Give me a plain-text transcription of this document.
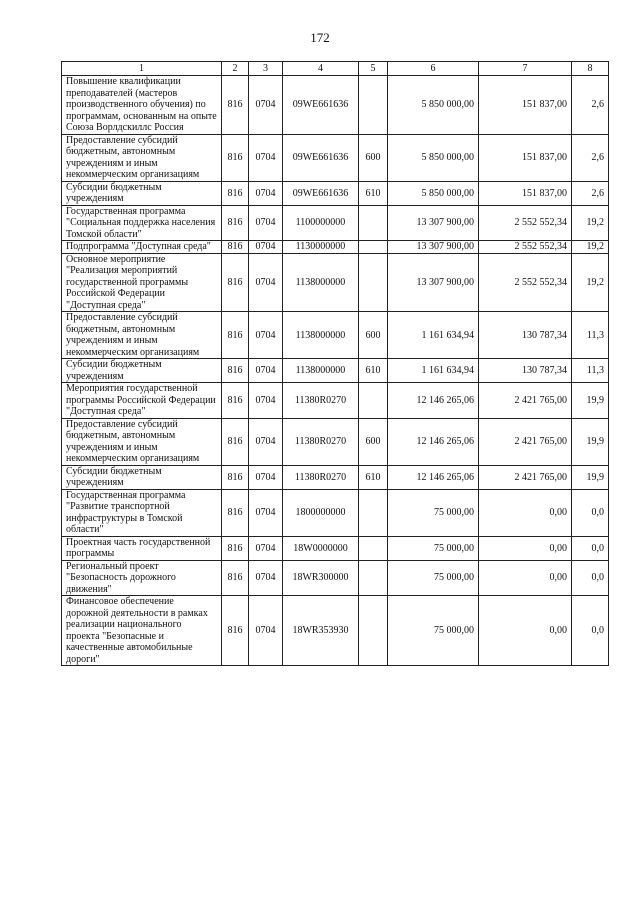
172
1	2	3	4	5	6	7	8
Повышение квалификации преподавателей (мастеров производственного обучения) по программам, основанным на опыте Союза Ворлдскиллс Россия	816	0704	09WE661636		5 850 000,00	151 837,00	2,6
Предоставление субсидий бюджетным, автономным учреждениям и иным некоммерческим организациям	816	0704	09WE661636	600	5 850 000,00	151 837,00	2,6
Субсидии бюджетным учреждениям	816	0704	09WE661636	610	5 850 000,00	151 837,00	2,6
Государственная программа "Социальная поддержка населения Томской области"	816	0704	1100000000		13 307 900,00	2 552 552,34	19,2
Подпрограмма "Доступная среда"	816	0704	1130000000		13 307 900,00	2 552 552,34	19,2
Основное мероприятие "Реализация мероприятий государственной программы Российской Федерации "Доступная среда"	816	0704	1138000000		13 307 900,00	2 552 552,34	19,2
Предоставление субсидий бюджетным, автономным учреждениям и иным некоммерческим организациям	816	0704	1138000000	600	1 161 634,94	130 787,34	11,3
Субсидии бюджетным учреждениям	816	0704	1138000000	610	1 161 634,94	130 787,34	11,3
Мероприятия государственной программы Российской Федерации "Доступная среда"	816	0704	11380R0270		12 146 265,06	2 421 765,00	19,9
Предоставление субсидий бюджетным, автономным учреждениям и иным некоммерческим организациям	816	0704	11380R0270	600	12 146 265,06	2 421 765,00	19,9
Субсидии бюджетным учреждениям	816	0704	11380R0270	610	12 146 265,06	2 421 765,00	19,9
Государственная программа "Развитие транспортной инфраструктуры в Томской области"	816	0704	1800000000		75 000,00	0,00	0,0
Проектная часть государственной программы	816	0704	18W0000000		75 000,00	0,00	0,0
Региональный проект "Безопасность дорожного движения"	816	0704	18WR300000		75 000,00	0,00	0,0
Финансовое обеспечение дорожной деятельности в рамках реализации национального проекта "Безопасные и качественные автомобильные дороги"	816	0704	18WR353930		75 000,00	0,00	0,0
